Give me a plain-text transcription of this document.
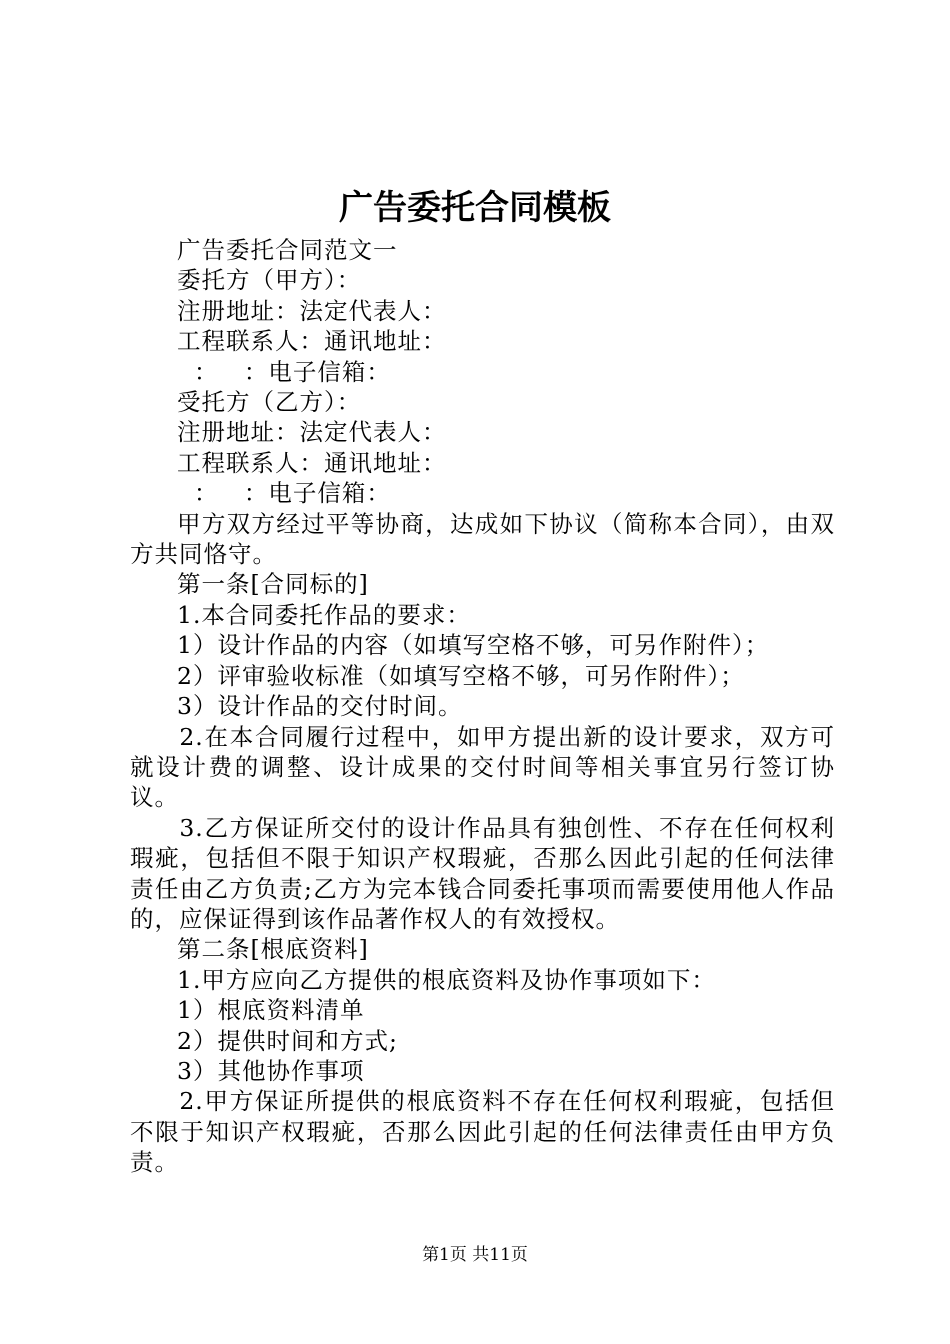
广告委托合同模板

广告委托合同范文一

委托方（甲方）：

注册地址：法定代表人：

工程联系人：通讯地址：

：   ：电子信箱：

受托方（乙方）：

注册地址：法定代表人：

工程联系人：通讯地址：

：   ：电子信箱：

甲方双方经过平等协商，达成如下协议（简称本合同），由双方共同恪守。

第一条[合同标的]

1.本合同委托作品的要求：

1）设计作品的内容（如填写空格不够，可另作附件）；

2）评审验收标准（如填写空格不够，可另作附件）；

3）设计作品的交付时间。

2.在本合同履行过程中，如甲方提出新的设计要求，双方可就设计费的调整、设计成果的交付时间等相关事宜另行签订协议。

3.乙方保证所交付的设计作品具有独创性、不存在任何权利瑕疵，包括但不限于知识产权瑕疵，否那么因此引起的任何法律责任由乙方负责;乙方为完本钱合同委托事项而需要使用他人作品的，应保证得到该作品著作权人的有效授权。

第二条[根底资料]

1.甲方应向乙方提供的根底资料及协作事项如下：

1）根底资料清单

2）提供时间和方式;

3）其他协作事项

2.甲方保证所提供的根底资料不存在任何权利瑕疵，包括但不限于知识产权瑕疵，否那么因此引起的任何法律责任由甲方负责。

第1页 共11页
